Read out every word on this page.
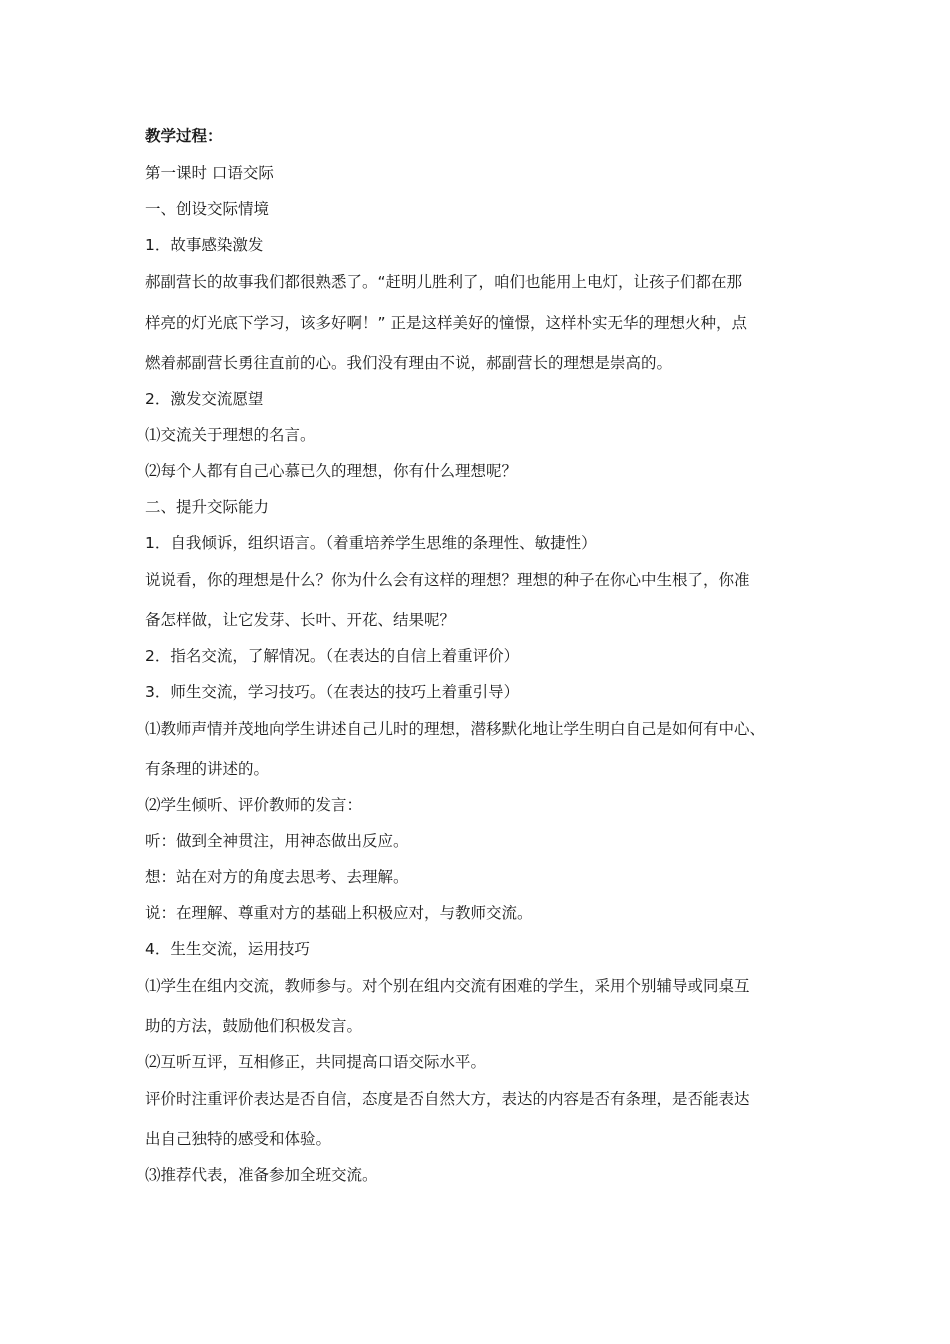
教学过程：
第一课时 口语交际
一、创设交际情境
1．故事感染激发
郝副营长的故事我们都很熟悉了。“赶明儿胜利了，咱们也能用上电灯，让孩子们都在那
样亮的灯光底下学习，该多好啊！” 正是这样美好的憧憬，这样朴实无华的理想火种，点
燃着郝副营长勇往直前的心。我们没有理由不说，郝副营长的理想是崇高的。
2．激发交流愿望
⑴交流关于理想的名言。
⑵每个人都有自己心慕已久的理想，你有什么理想呢？
二、提升交际能力
1．自我倾诉，组织语言。（着重培养学生思维的条理性、敏捷性）
说说看，你的理想是什么？你为什么会有这样的理想？理想的种子在你心中生根了，你准
备怎样做，让它发芽、长叶、开花、结果呢？
2．指名交流，了解情况。（在表达的自信上着重评价）
3．师生交流，学习技巧。（在表达的技巧上着重引导）
⑴教师声情并茂地向学生讲述自己儿时的理想，潜移默化地让学生明白自己是如何有中心、
有条理的讲述的。
⑵学生倾听、评价教师的发言：
听：做到全神贯注，用神态做出反应。
想：站在对方的角度去思考、去理解。
说：在理解、尊重对方的基础上积极应对，与教师交流。
4．生生交流，运用技巧
⑴学生在组内交流，教师参与。对个别在组内交流有困难的学生，采用个别辅导或同桌互
助的方法，鼓励他们积极发言。
⑵互听互评，互相修正，共同提高口语交际水平。
评价时注重评价表达是否自信，态度是否自然大方，表达的内容是否有条理，是否能表达
出自己独特的感受和体验。
⑶推荐代表，准备参加全班交流。
